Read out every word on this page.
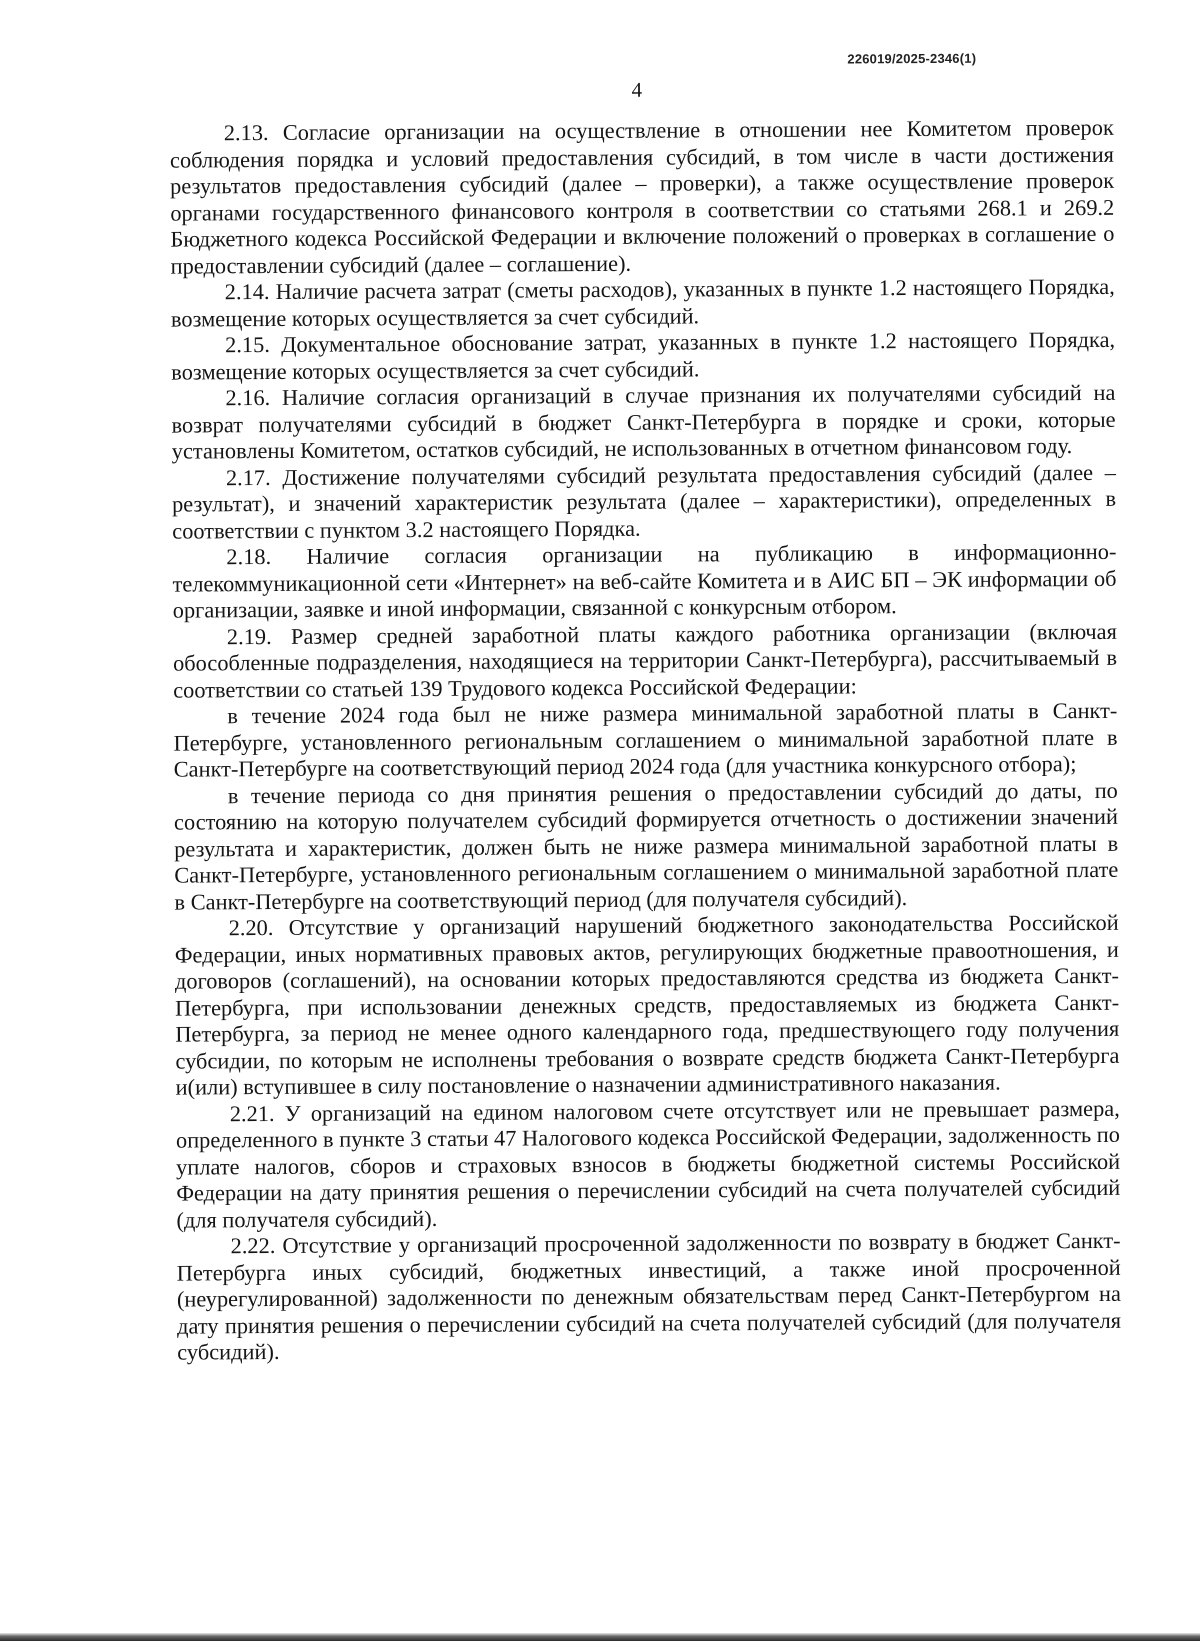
226019/2025-2346(1)
4

2.13. Согласие организации на осуществление в отношении нее Комитетом проверок соблюдения порядка и условий предоставления субсидий, в том числе в части достижения результатов предоставления субсидий (далее – проверки), а также осуществление проверок органами государственного финансового контроля в соответствии со статьями 268.1 и 269.2 Бюджетного кодекса Российской Федерации и включение положений о проверках в соглашение о предоставлении субсидий (далее – соглашение).

2.14. Наличие расчета затрат (сметы расходов), указанных в пункте 1.2 настоящего Порядка, возмещение которых осуществляется за счет субсидий.

2.15. Документальное обоснование затрат, указанных в пункте 1.2 настоящего Порядка, возмещение которых осуществляется за счет субсидий.

2.16. Наличие согласия организаций в случае признания их получателями субсидий на возврат получателями субсидий в бюджет Санкт-Петербурга в порядке и сроки, которые установлены Комитетом, остатков субсидий, не использованных в отчетном финансовом году.

2.17. Достижение получателями субсидий результата предоставления субсидий (далее – результат), и значений характеристик результата (далее – характеристики), определенных в соответствии с пунктом 3.2 настоящего Порядка.

2.18. Наличие согласия организации на публикацию в информационно-телекоммуникационной сети «Интернет» на веб-сайте Комитета и в АИС БП – ЭК информации об организации, заявке и иной информации, связанной с конкурсным отбором.

2.19. Размер средней заработной платы каждого работника организации (включая обособленные подразделения, находящиеся на территории Санкт-Петербурга), рассчитываемый в соответствии со статьей 139 Трудового кодекса Российской Федерации:

в течение 2024 года был не ниже размера минимальной заработной платы в Санкт-Петербурге, установленного региональным соглашением о минимальной заработной плате в Санкт-Петербурге на соответствующий период 2024 года (для участника конкурсного отбора);

в течение периода со дня принятия решения о предоставлении субсидий до даты, по состоянию на которую получателем субсидий формируется отчетность о достижении значений результата и характеристик, должен быть не ниже размера минимальной заработной платы в Санкт-Петербурге, установленного региональным соглашением о минимальной заработной плате в Санкт-Петербурге на соответствующий период (для получателя субсидий).

2.20. Отсутствие у организаций нарушений бюджетного законодательства Российской Федерации, иных нормативных правовых актов, регулирующих бюджетные правоотношения, и договоров (соглашений), на основании которых предоставляются средства из бюджета Санкт-Петербурга, при использовании денежных средств, предоставляемых из бюджета Санкт-Петербурга, за период не менее одного календарного года, предшествующего году получения субсидии, по которым не исполнены требования о возврате средств бюджета Санкт-Петербурга и(или) вступившее в силу постановление о назначении административного наказания.

2.21. У организаций на едином налоговом счете отсутствует или не превышает размера, определенного в пункте 3 статьи 47 Налогового кодекса Российской Федерации, задолженность по уплате налогов, сборов и страховых взносов в бюджеты бюджетной системы Российской Федерации на дату принятия решения о перечислении субсидий на счета получателей субсидий (для получателя субсидий).

2.22. Отсутствие у организаций просроченной задолженности по возврату в бюджет Санкт-Петербурга иных субсидий, бюджетных инвестиций, а также иной просроченной (неурегулированной) задолженности по денежным обязательствам перед Санкт-Петербургом на дату принятия решения о перечислении субсидий на счета получателей субсидий (для получателя субсидий).
